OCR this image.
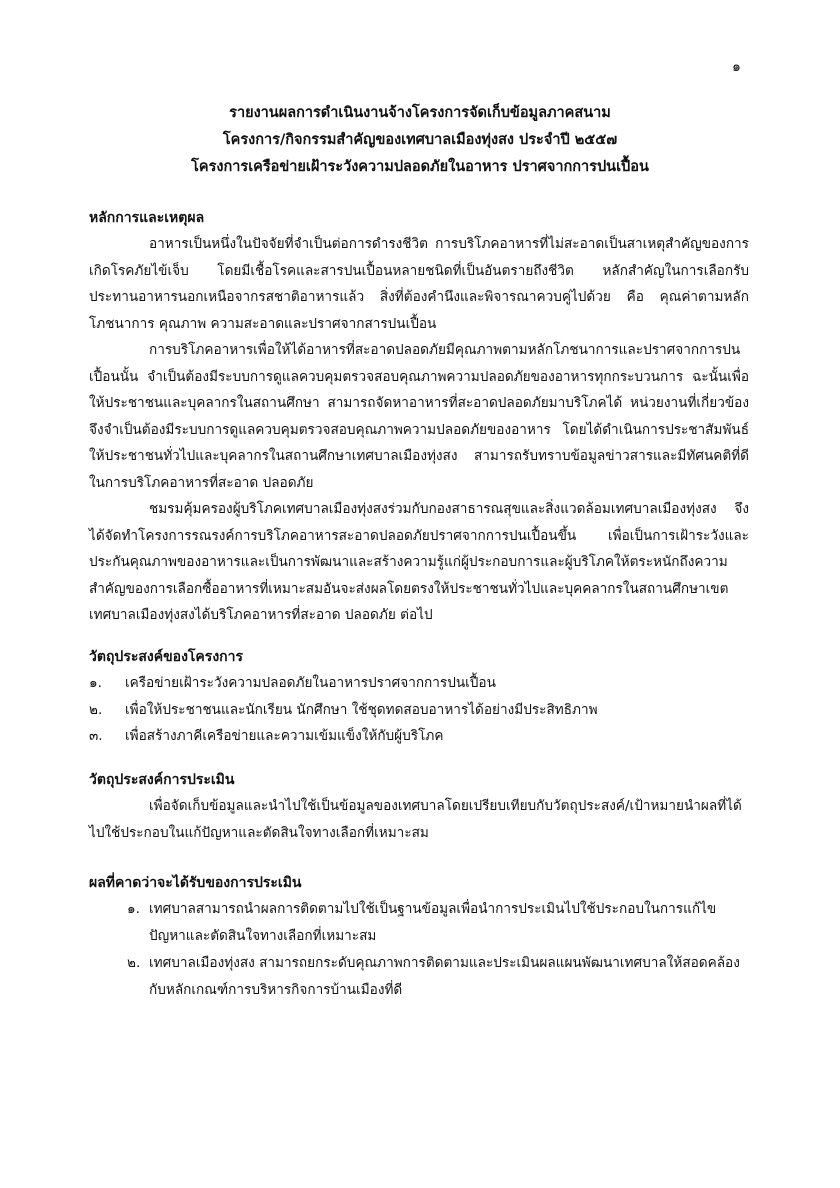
๑

รายงานผลการดำเนินงานจ้างโครงการจัดเก็บข้อมูลภาคสนาม

โครงการ/กิจกรรมสำคัญของเทศบาลเมืองทุ่งสง ประจำปี ๒๕๕๗

โครงการเครือข่ายเฝ้าระวังความปลอดภัยในอาหาร ปราศจากการปนเปื้อน

หลักการและเหตุผล

อาหารเป็นหนึ่งในปัจจัยที่จำเป็นต่อการดำรงชีวิต การบริโภคอาหารที่ไม่สะอาดเป็นสาเหตุสำคัญของการเกิดโรคภัยไข้เจ็บ โดยมีเชื้อโรคและสารปนเปื้อนหลายชนิดที่เป็นอันตรายถึงชีวิต หลักสำคัญในการเลือกรับประทานอาหารนอกเหนือจากรสชาติอาหารแล้ว สิ่งที่ต้องคำนึงและพิจารณาควบคู่ไปด้วย คือ คุณค่าตามหลักโภชนาการ คุณภาพ ความสะอาดและปราศจากสารปนเปื้อน

การบริโภคอาหารเพื่อให้ได้อาหารที่สะอาดปลอดภัยมีคุณภาพตามหลักโภชนาการและปราศจากการปนเปื้อนนั้น จำเป็นต้องมีระบบการดูแลควบคุมตรวจสอบคุณภาพความปลอดภัยของอาหารทุกกระบวนการ ฉะนั้นเพื่อให้ประชาชนและบุคลากรในสถานศึกษา สามารถจัดหาอาหารที่สะอาดปลอดภัยมาบริโภคได้ หน่วยงานที่เกี่ยวข้องจึงจำเป็นต้องมีระบบการดูแลควบคุมตรวจสอบคุณภาพความปลอดภัยของอาหาร โดยได้ดำเนินการประชาสัมพันธ์ให้ประชาชนทั่วไปและบุคลากรในสถานศึกษาเทศบาลเมืองทุ่งสง สามารถรับทราบข้อมูลข่าวสารและมีทัศนคติที่ดีในการบริโภคอาหารที่สะอาด ปลอดภัย

ชมรมคุ้มครองผู้บริโภคเทศบาลเมืองทุ่งสงร่วมกับกองสาธารณสุขและสิ่งแวดล้อมเทศบาลเมืองทุ่งสง จึงได้จัดทำโครงการรณรงค์การบริโภคอาหารสะอาดปลอดภัยปราศจากการปนเปื้อนขึ้น เพื่อเป็นการเฝ้าระวังและประกันคุณภาพของอาหารและเป็นการพัฒนาและสร้างความรู้แก่ผู้ประกอบการและผู้บริโภคให้ตระหนักถึงความสำคัญของการเลือกซื้ออาหารที่เหมาะสมอันจะส่งผลโดยตรงให้ประชาชนทั่วไปและบุคคลากรในสถานศึกษาเขตเทศบาลเมืองทุ่งสงได้บริโภคอาหารที่สะอาด ปลอดภัย ต่อไป

วัตถุประสงค์ของโครงการ

๑. เครือข่ายเฝ้าระวังความปลอดภัยในอาหารปราศจากการปนเปื้อน
๒. เพื่อให้ประชาชนและนักเรียน นักศึกษา ใช้ชุดทดสอบอาหารได้อย่างมีประสิทธิภาพ
๓. เพื่อสร้างภาคีเครือข่ายและความเข้มแข็งให้กับผู้บริโภค

วัตถุประสงค์การประเมิน

เพื่อจัดเก็บข้อมูลและนำไปใช้เป็นข้อมูลของเทศบาลโดยเปรียบเทียบกับวัตถุประสงค์/เป้าหมายนำผลที่ได้ไปใช้ประกอบในแก้ปัญหาและตัดสินใจทางเลือกที่เหมาะสม

ผลที่คาดว่าจะได้รับของการประเมิน

๑. เทศบาลสามารถนำผลการติดตามไปใช้เป็นฐานข้อมูลเพื่อนำการประเมินไปใช้ประกอบในการแก้ไขปัญหาและตัดสินใจทางเลือกที่เหมาะสม
๒. เทศบาลเมืองทุ่งสง สามารถยกระดับคุณภาพการติดตามและประเมินผลแผนพัฒนาเทศบาลให้สอดคล้องกับหลักเกณฑ์การบริหารกิจการบ้านเมืองที่ดี
